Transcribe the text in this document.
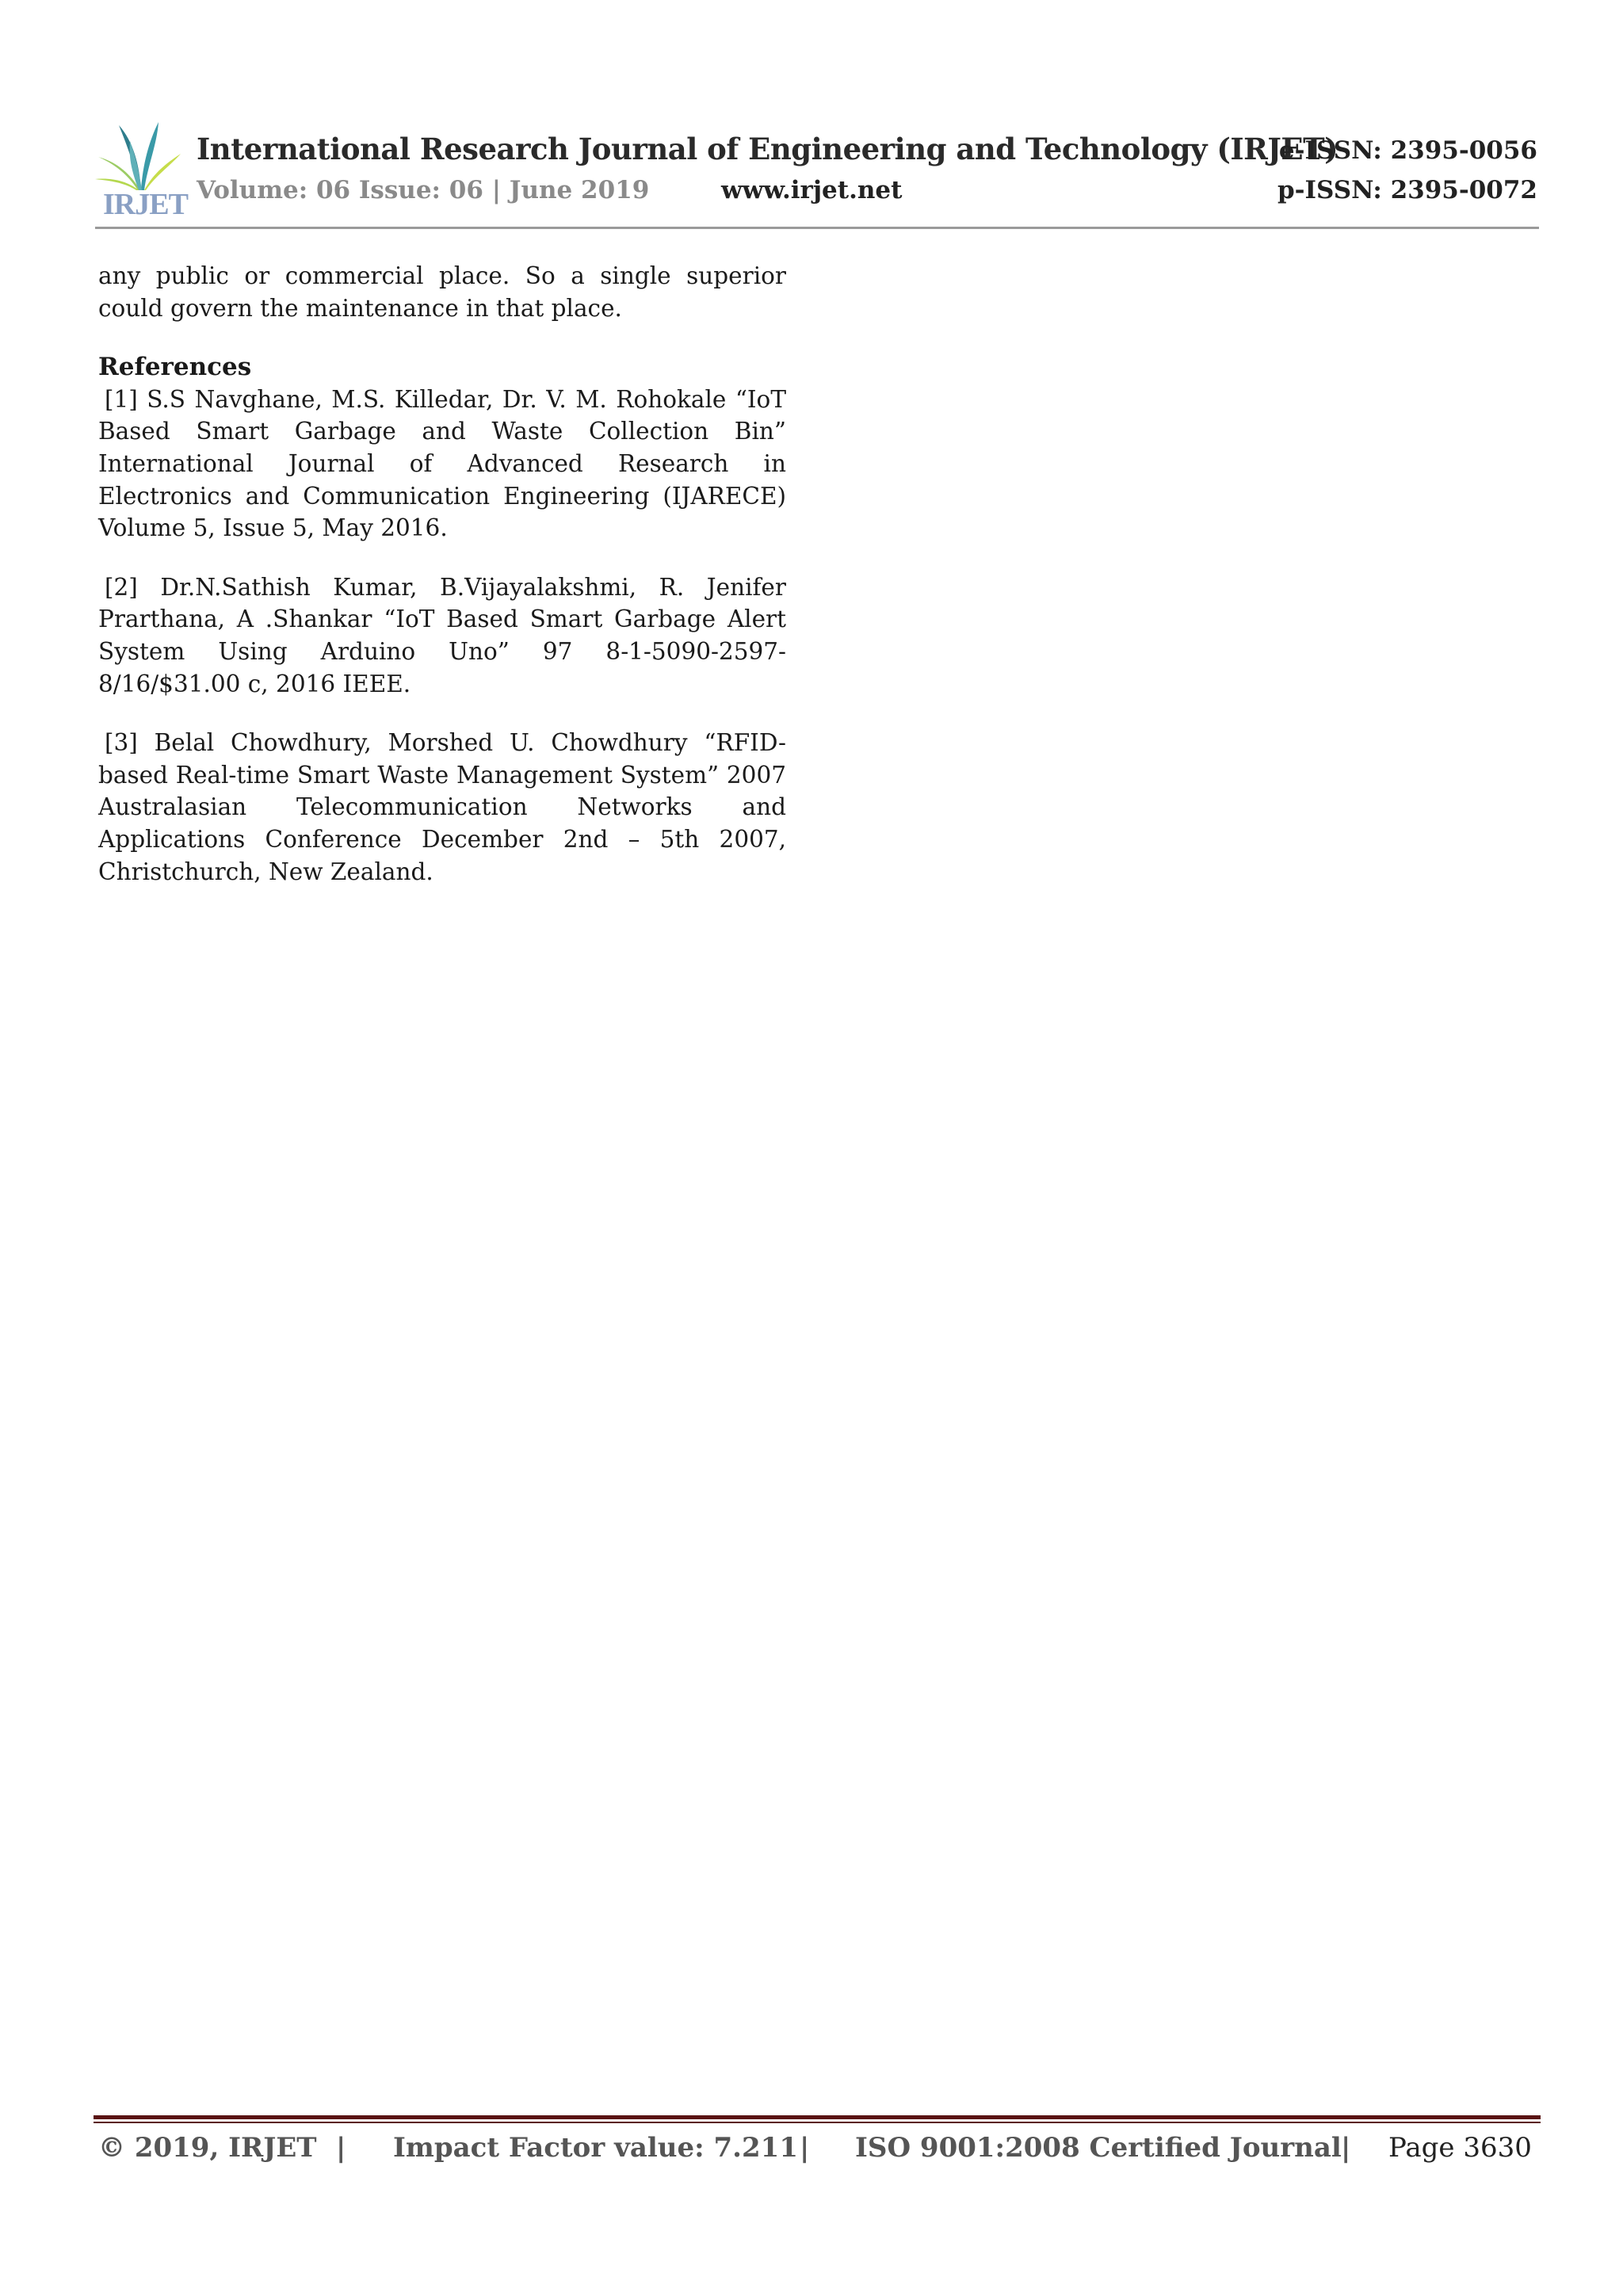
IRJET
International Research Journal of Engineering and Technology (IRJET)
e-ISSN: 2395-0056
Volume: 06 Issue: 06 | June 2019	www.irjet.net	p-ISSN: 2395-0072

any public or commercial place. So a single superior could govern the maintenance in that place.

References

[1] S.S Navghane, M.S. Killedar, Dr. V. M. Rohokale “IoT Based Smart Garbage and Waste Collection Bin” International Journal of Advanced Research in Electronics and Communication Engineering (IJARECE) Volume 5, Issue 5, May 2016.

[2] Dr.N.Sathish Kumar, B.Vijayalakshmi, R. Jenifer Prarthana, A .Shankar “IoT Based Smart Garbage Alert System Using Arduino Uno” 97 8-1-5090-2597-8/16/$31.00 c, 2016 IEEE.

[3] Belal Chowdhury, Morshed U. Chowdhury “RFID-based Real-time Smart Waste Management System” 2007 Australasian Telecommunication Networks and Applications Conference December 2nd – 5th 2007, Christchurch, New Zealand.

© 2019, IRJET | Impact Factor value: 7.211 | ISO 9001:2008 Certified Journal | Page 3630
